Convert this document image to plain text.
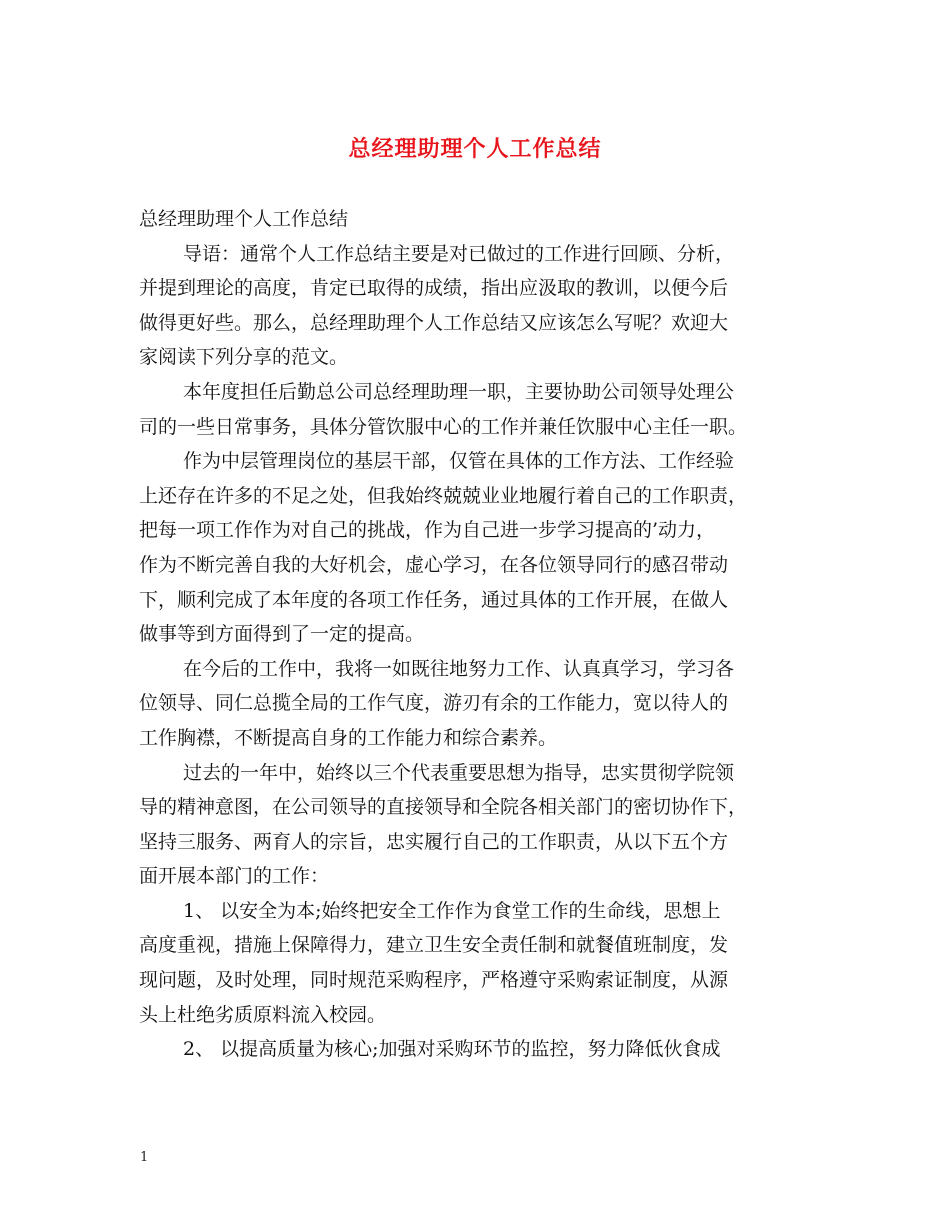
总经理助理个人工作总结
总经理助理个人工作总结
导语：通常个人工作总结主要是对已做过的工作进行回顾、分析，
并提到理论的高度，肯定已取得的成绩，指出应汲取的教训，以便今后
做得更好些。那么，总经理助理个人工作总结又应该怎么写呢？欢迎大
家阅读下列分享的范文。
本年度担任后勤总公司总经理助理一职，主要协助公司领导处理公
司的一些日常事务，具体分管饮服中心的工作并兼任饮服中心主任一职。
作为中层管理岗位的基层干部，仅管在具体的工作方法、工作经验
上还存在许多的不足之处，但我始终兢兢业业地履行着自己的工作职责，
把每一项工作作为对自己的挑战，作为自己进一步学习提高的’动力，
作为不断完善自我的大好机会，虚心学习，在各位领导同行的感召带动
下，顺利完成了本年度的各项工作任务，通过具体的工作开展，在做人
做事等到方面得到了一定的提高。
在今后的工作中，我将一如既往地努力工作、认真真学习，学习各
位领导、同仁总揽全局的工作气度，游刃有余的工作能力，宽以待人的
工作胸襟，不断提高自身的工作能力和综合素养。
过去的一年中，始终以三个代表重要思想为指导，忠实贯彻学院领
导的精神意图，在公司领导的直接领导和全院各相关部门的密切协作下，
坚持三服务、两育人的宗旨，忠实履行自己的工作职责，从以下五个方
面开展本部门的工作：
1、 以安全为本;始终把安全工作作为食堂工作的生命线，思想上
高度重视，措施上保障得力，建立卫生安全责任制和就餐值班制度，发
现问题，及时处理，同时规范采购程序，严格遵守采购索证制度，从源
头上杜绝劣质原料流入校园。
2、 以提高质量为核心;加强对采购环节的监控，努力降低伙食成
1
